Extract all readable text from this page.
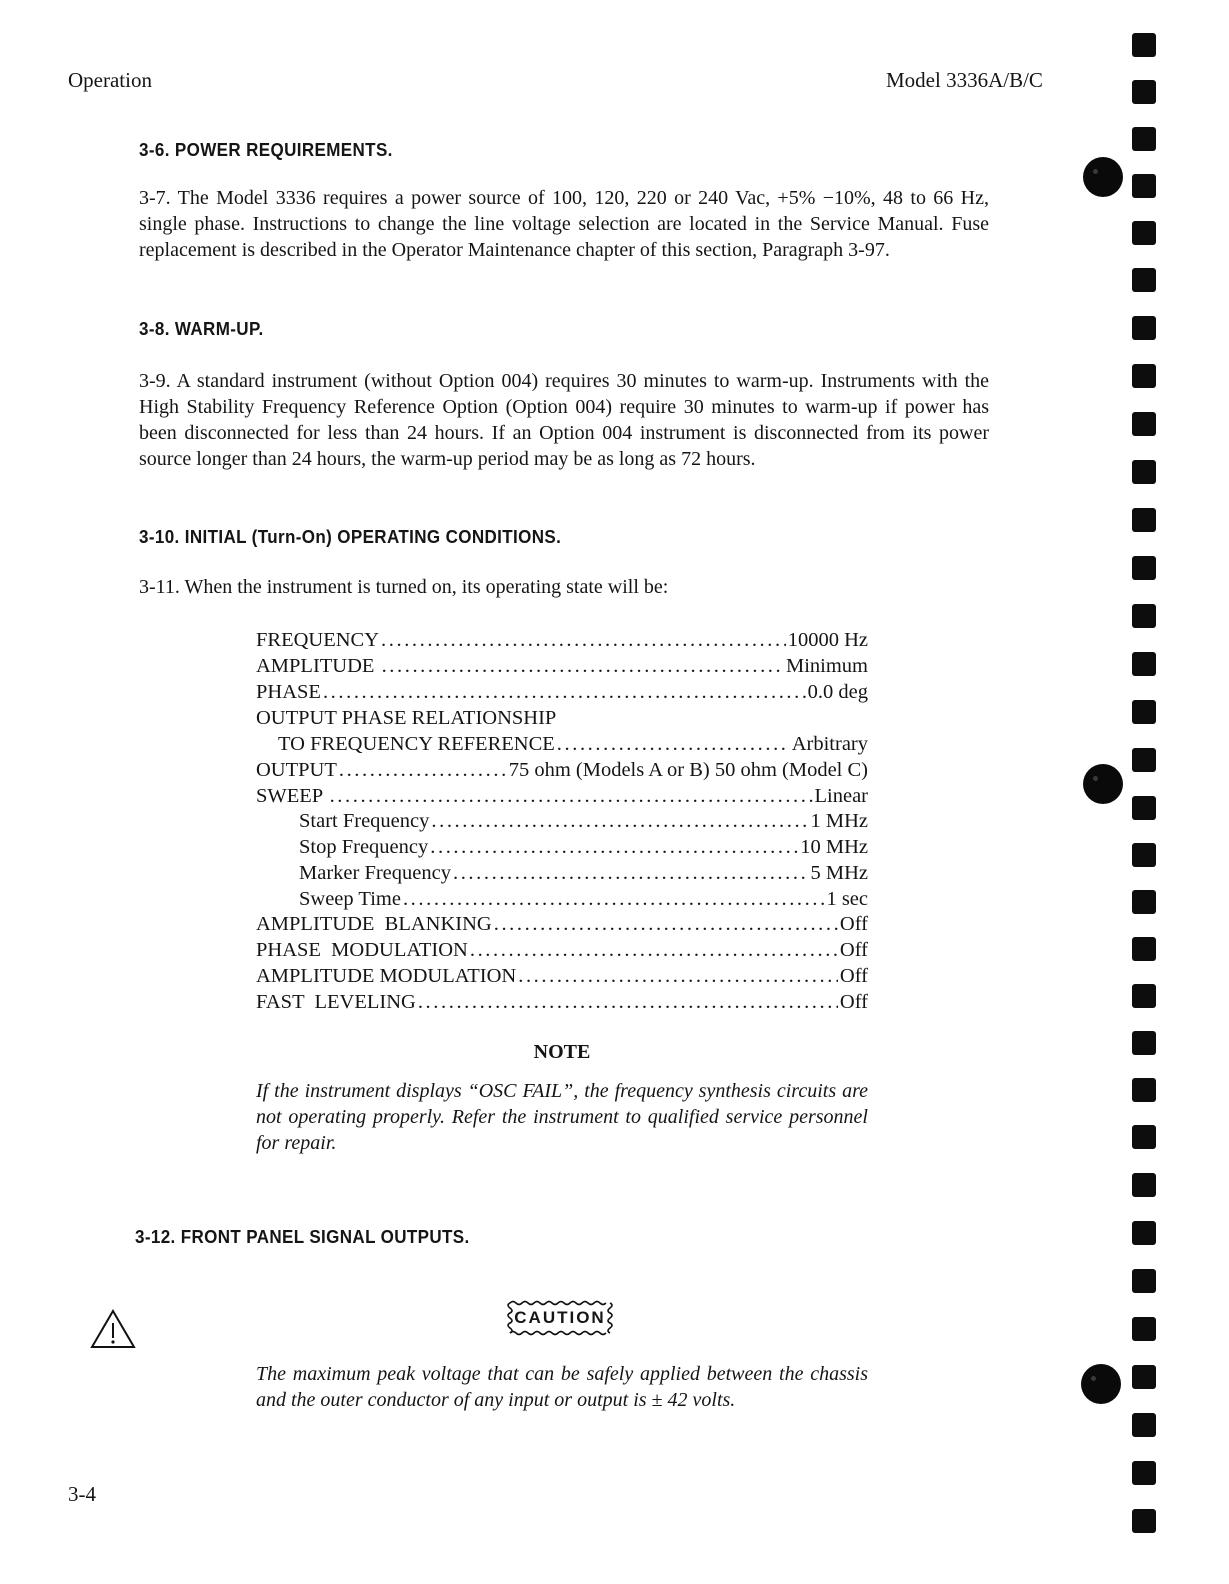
Operation	Model 3336A/B/C
3-6. POWER REQUIREMENTS.

3-7. The Model 3336 requires a power source of 100, 120, 220 or 240 Vac, +5% −10%, 48 to 66 Hz, single phase. Instructions to change the line voltage selection are located in the Service Manual. Fuse replacement is described in the Operator Maintenance chapter of this section, Paragraph 3-97.

3-8. WARM-UP.

3-9. A standard instrument (without Option 004) requires 30 minutes to warm-up. Instruments with the High Stability Frequency Reference Option (Option 004) require 30 minutes to warm-up if power has been disconnected for less than 24 hours. If an Option 004 instrument is disconnected from its power source longer than 24 hours, the warm-up period may be as long as 72 hours.

3-10. INITIAL (Turn-On) OPERATING CONDITIONS.

3-11. When the instrument is turned on, its operating state will be:

FREQUENCY .....	10000 Hz
AMPLITUDE .....	Minimum
PHASE .....	0.0 deg
OUTPUT PHASE RELATIONSHIP
TO FREQUENCY REFERENCE .....	Arbitrary
OUTPUT .....	75 ohm (Models A or B) 50 ohm (Model C)
SWEEP .....	Linear
Start Frequency .....	1 MHz
Stop Frequency .....	10 MHz
Marker Frequency .....	5 MHz
Sweep Time .....	1 sec
AMPLITUDE  BLANKING .....	Off
PHASE  MODULATION .....	Off
AMPLITUDE MODULATION .....	Off
FAST  LEVELING .....	Off
NOTE

If the instrument displays “OSC FAIL”, the frequency synthesis circuits are not operating properly. Refer the instrument to qualified service personnel for repair.

3-12. FRONT PANEL SIGNAL OUTPUTS.
CAUTION

The maximum peak voltage that can be safely applied between the chassis and the outer conductor of any input or output is ± 42 volts.

3-4
